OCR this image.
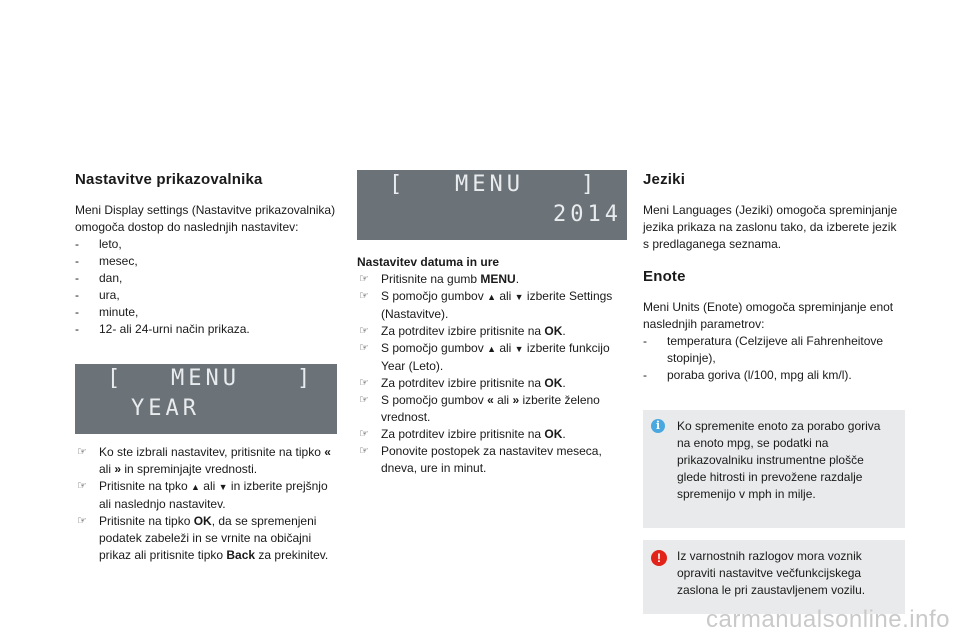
Nastavitve prikazovalnika

Meni Display settings (Nastavitve prikazovalnika) omogoča dostop do naslednjih nastavitev:

- leto,
- mesec,
- dan,
- ura,
- minute,
- 12- ali 24-urni način prikaza.
[ MENU	]
YEAR
☞ Ko ste izbrali nastavitev, pritisnite na tipko « ali » in spreminjajte vrednosti.
☞ Pritisnite na tpko ▲ ali ▼ in izberite prejšnjo ali naslednjo nastavitev.
☞ Pritisnite na tipko OK, da se spremenjeni podatek zabeleži in se vrnite na običajni prikaz ali pritisnite tipko Back za prekinitev.
[ MENU	]
2014

Nastavitev datuma in ure

☞ Pritisnite na gumb MENU.
☞ S pomočjo gumbov ▲ ali ▼ izberite Settings (Nastavitve).
☞ Za potrditev izbire pritisnite na OK.
☞ S pomočjo gumbov ▲ ali ▼ izberite funkcijo Year (Leto).
☞ Za potrditev izbire pritisnite na OK.
☞ S pomočjo gumbov « ali » izberite želeno vrednost.
☞ Za potrditev izbire pritisnite na OK.
☞ Ponovite postopek za nastavitev meseca, dneva, ure in minut.
Jeziki

Meni Languages (Jeziki) omogoča spreminjanje jezika prikaza na zaslonu tako, da izberete jezik s predlaganega seznama.

Enote

Meni Units (Enote) omogoča spreminjanje enot naslednjih parametrov:

- temperatura (Celzijeve ali Fahrenheitove stopinje),
- poraba goriva (l/100, mpg ali km/l).
i	Ko spremenite enoto za porabo goriva na enoto mpg, se podatki na prikazovalniku instrumentne plošče glede hitrosti in prevožene razdalje spremenijo v mph in milje.
!	Iz varnostnih razlogov mora voznik opraviti nastavitve večfunkcijskega zaslona le pri zaustavljenem vozilu.
carmanualsonline.info
